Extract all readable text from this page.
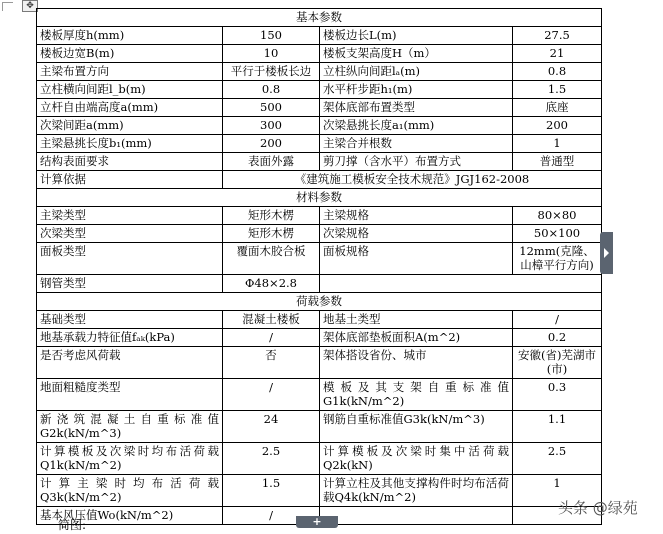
✥
基本参数			
楼板厚度h(mm)	150	楼板边长L(m)	27.5
楼板边宽B(m)	10	楼板支架高度H（m）	21
主梁布置方向	平行于楼板长边	立柱纵向间距lₐ(m)	0.8
立柱横向间距l_b(m)	0.8	水平杆步距h₁(m)	1.5
立杆自由端高度a(mm)	500	架体底部布置类型	底座
次梁间距a(mm)	300	次梁悬挑长度a₁(mm)	200
主梁悬挑长度b₁(mm)	200	主梁合并根数	1
结构表面要求	表面外露	剪刀撑（含水平）布置方式	普通型
计算依据	《建筑施工模板安全技术规范》JGJ162-2008		
材料参数			
主梁类型	矩形木楞	主梁规格	80×80
次梁类型	矩形木楞	次梁规格	50×100
面板类型	覆面木胶合板	面板规格	12mm(克隆、山樟平行方向)
钢管类型	Φ48×2.8		
荷载参数			
基础类型	混凝土楼板	地基土类型	/
地基承载力特征值fₐₖ(kPa)	/	架体底部垫板面积A(m^2)	0.2
是否考虑风荷载	否	架体搭设省份、城市	安徽(省)芜湖市(市)
地面粗糙度类型	/	模板及其支架自重标准值G1k(kN/m^2)	0.3
新浇筑混凝土自重标准值G2k(kN/m^3)	24	钢筋自重标准值G3k(kN/m^3)	1.1
计算模板及次梁时均布活荷载Q1k(kN/m^2)	2.5	计算模板及次梁时集中活荷载Q2k(kN)	2.5
计算主梁时均布活荷载Q3k(kN/m^2)	1.5	计算立柱及其他支撑构件时均布活荷载Q4k(kN/m^2)	1
基本风压值Wo(kN/m^2)	/			+
简图:
头条 @绿苑
